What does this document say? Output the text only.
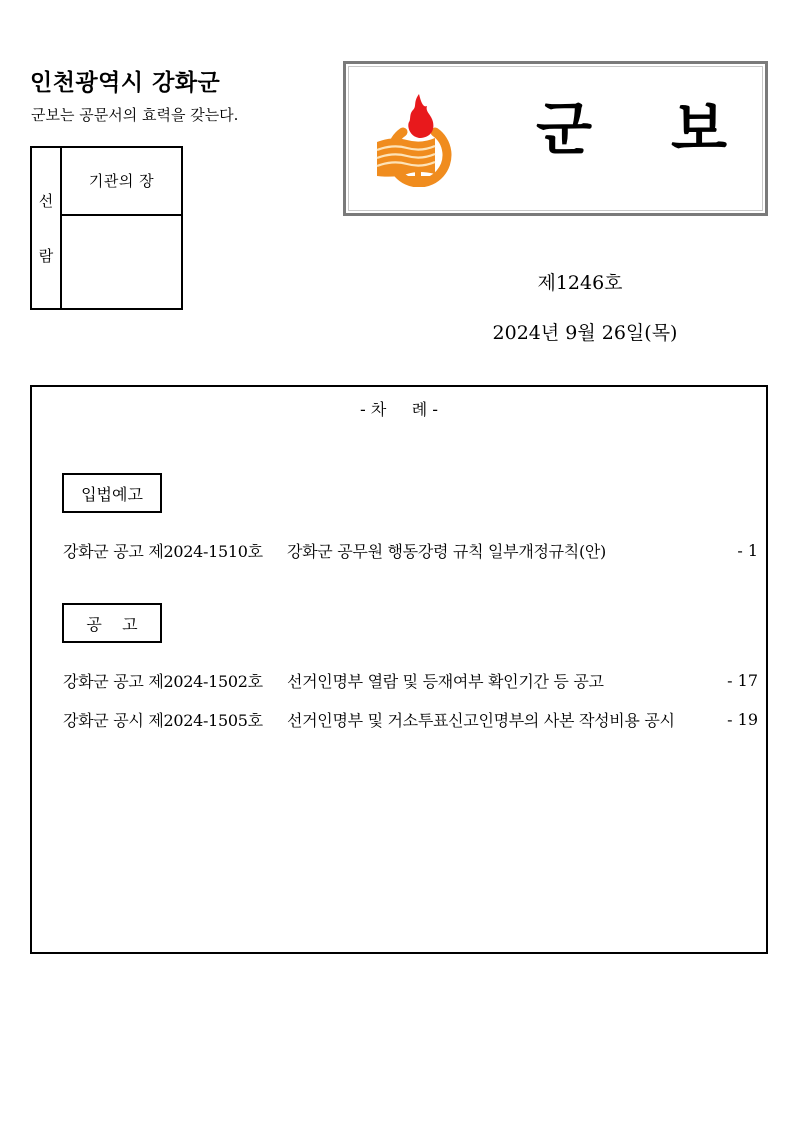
인천광역시 강화군
군보는 공문서의 효력을 갖는다.
선
람
기관의 장
군 보
제1246호
2024년 9월 26일(목)
- 차     례 -
입법예고
강화군 공고 제2024-1510호	강화군 공무원 행동강령 규칙 일부개정규칙(안)	- 1
공    고
강화군 공고 제2024-1502호	선거인명부 열람 및 등재여부 확인기간 등 공고	- 17
강화군 공시 제2024-1505호	선거인명부 및 거소투표신고인명부의 사본 작성비용 공시	- 19
